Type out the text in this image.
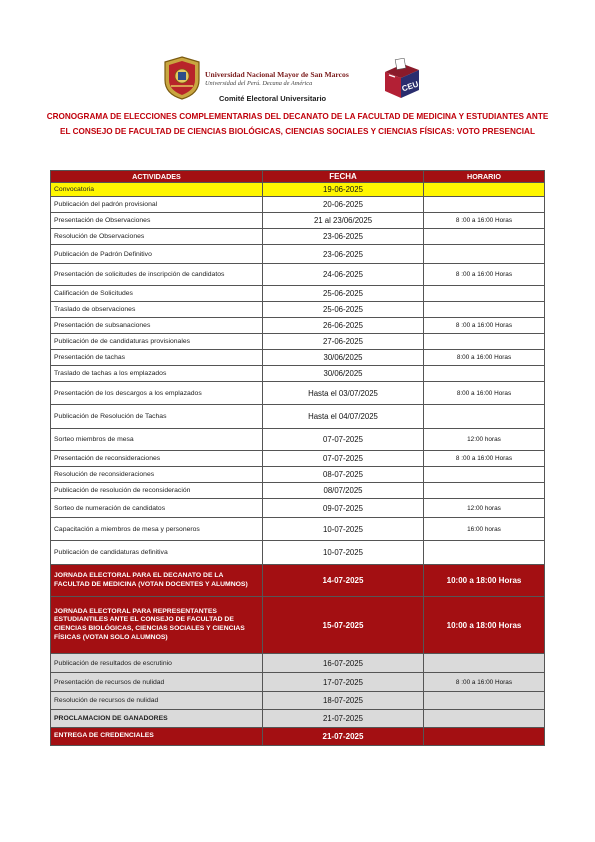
Universidad Nacional Mayor de San Marcos
Universidad del Perú. Decana de América
Comité Electoral Universitario
CEU
CRONOGRAMA DE ELECCIONES COMPLEMENTARIAS DEL DECANATO DE LA FACULTAD DE MEDICINA Y ESTUDIANTES ANTE EL CONSEJO DE FACULTAD DE CIENCIAS BIOLÓGICAS, CIENCIAS SOCIALES Y CIENCIAS FÍSICAS: VOTO PRESENCIAL
ACTIVIDADES	FECHA	HORARIO
Convocatoria	19-06-2025	
Publicación del padrón provisional	20-06-2025	
Presentación de Observaciones	21 al 23/06/2025	8 :00 a 16:00 Horas
Resolución de Observaciones	23-06-2025	
Publicación de Padrón Definitivo	23-06-2025	
Presentación de solicitudes de inscripción de candidatos	24-06-2025	8 :00 a 16:00 Horas
Calificación de Solicitudes	25-06-2025	
Traslado de observaciones	25-06-2025	
Presentación de subsanaciones	26-06-2025	8 :00 a 16:00 Horas
Publicación de de candidaturas provisionales	27-06-2025	
Presentación de tachas	30/06/2025	8:00 a 16:00 Horas
Traslado de tachas a los emplazados	30/06/2025	
Presentación de los descargos a los emplazados	Hasta el 03/07/2025	8:00 a 16:00 Horas
Publicación de Resolución de Tachas	Hasta el 04/07/2025	
Sorteo miembros de mesa	07-07-2025	12:00 horas
Presentación de reconsideraciones	07-07-2025	8 :00 a 16:00 Horas
Resolución de reconsideraciones	08-07-2025	
Publicación de resolución de reconsideración	08/07/2025	
Sorteo de numeración de candidatos	09-07-2025	12:00 horas
Capacitación a miembros de mesa y personeros	10-07-2025	16:00 horas
Publicación de candidaturas definitiva	10-07-2025	
JORNADA ELECTORAL PARA EL DECANATO DE LA FACULTAD DE MEDICINA (VOTAN DOCENTES Y ALUMNOS)	14-07-2025	10:00 a 18:00 Horas
JORNADA ELECTORAL PARA REPRESENTANTES ESTUDIANTILES ANTE EL CONSEJO DE FACULTAD DE CIENCIAS BIOLÓGICAS, CIENCIAS SOCIALES Y CIENCIAS FÍSICAS (VOTAN SOLO ALUMNOS)	15-07-2025	10:00 a 18:00 Horas
Publicación de resultados de escrutinio	16-07-2025	
Presentación de recursos de nulidad	17-07-2025	8 :00 a 16:00 Horas
Resolución de recursos de nulidad	18-07-2025	
PROCLAMACION DE GANADORES	21-07-2025	
ENTREGA DE CREDENCIALES	21-07-2025	
